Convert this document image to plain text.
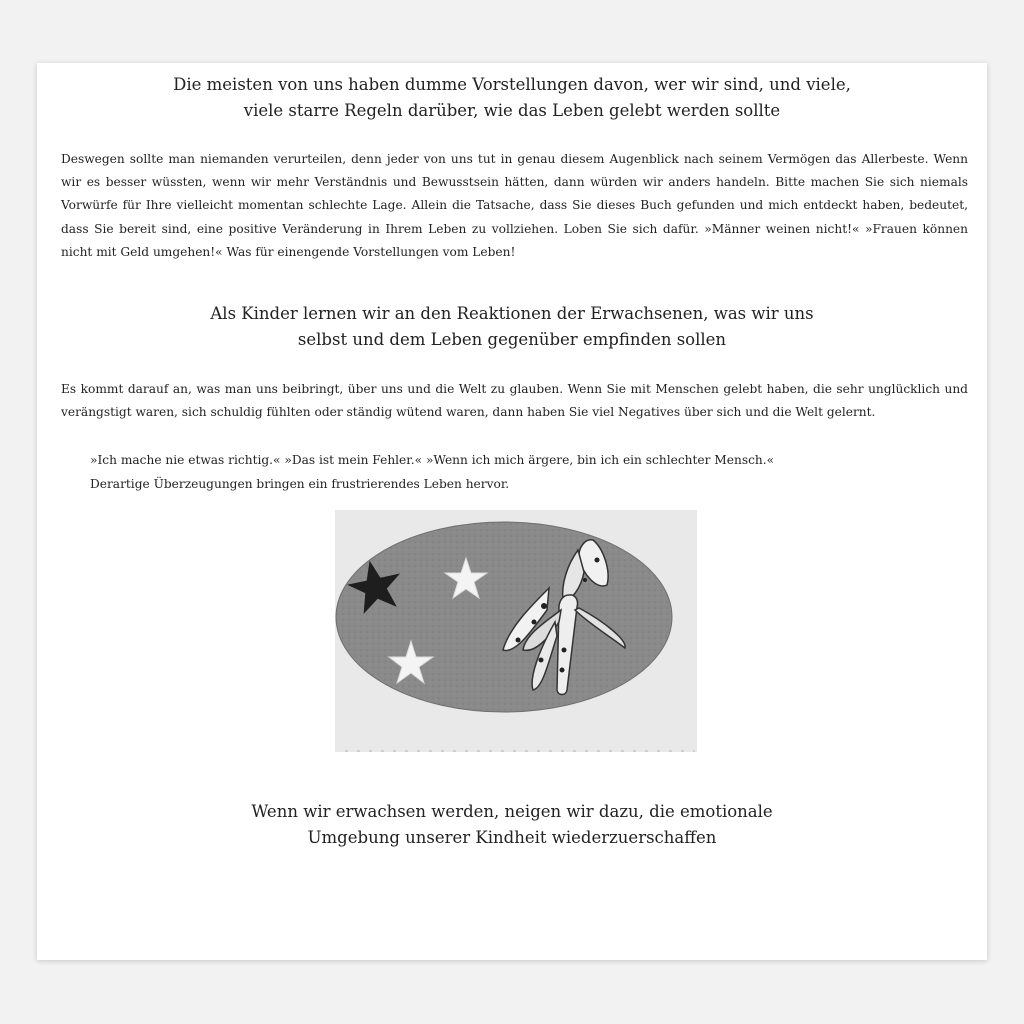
Die meisten von uns haben dumme Vorstellungen davon, wer wir sind, und viele,
viele starre Regeln darüber, wie das Leben gelebt werden sollte
Deswegen sollte man niemanden verurteilen, denn jeder von uns tut in genau diesem Augenblick nach seinem Vermögen das Allerbeste. Wenn wir es besser wüssten, wenn wir mehr Verständnis und Bewusstsein hätten, dann würden wir anders handeln. Bitte machen Sie sich niemals Vorwürfe für Ihre vielleicht momentan schlechte Lage. Allein die Tatsache, dass Sie dieses Buch gefunden und mich entdeckt haben, bedeutet, dass Sie bereit sind, eine positive Veränderung in Ihrem Leben zu vollziehen. Loben Sie sich dafür. »Männer weinen nicht!« »Frauen können nicht mit Geld umgehen!« Was für einengende Vorstellungen vom Leben!
Als Kinder lernen wir an den Reaktionen der Erwachsenen, was wir uns
selbst und dem Leben gegenüber empfinden sollen
Es kommt darauf an, was man uns beibringt, über uns und die Welt zu glauben. Wenn Sie mit Menschen gelebt haben, die sehr unglücklich und verängstigt waren, sich schuldig fühlten oder ständig wütend waren, dann haben Sie viel Negatives über sich und die Welt gelernt.
»Ich mache nie etwas richtig.« »Das ist mein Fehler.« »Wenn ich mich ärgere, bin ich ein schlechter Mensch.«
Derartige Überzeugungen bringen ein frustrierendes Leben hervor.
Wenn wir erwachsen werden, neigen wir dazu, die emotionale
Umgebung unserer Kindheit wiederzuerschaffen
